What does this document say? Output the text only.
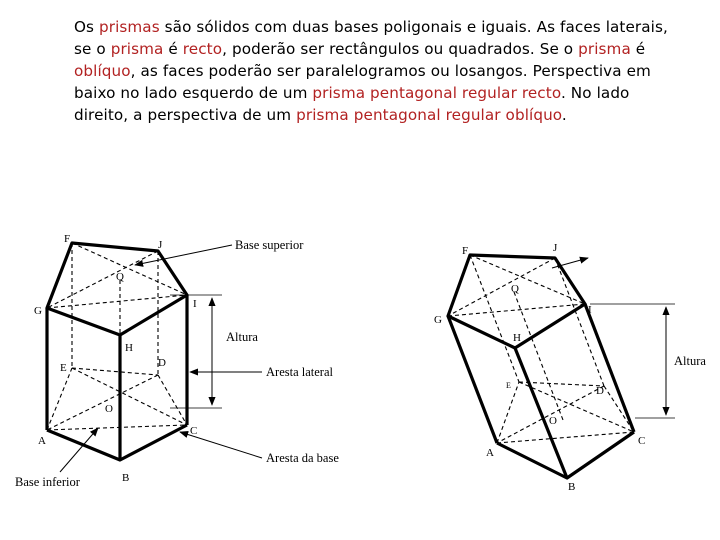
Os prismas são sólidos com duas bases poligonais e iguais. As faces laterais, se o prisma é recto, poderão ser rectângulos ou quadrados. Se o prisma é oblíquo, as faces poderão ser paralelogramos ou losangos. Perspectiva em baixo no lado esquerdo de um prisma pentagonal regular recto. No lado direito, a perspectiva de um prisma pentagonal regular oblíquo.
F	J
Q
G
I
H
E	D
O
A
C
B
Base superior
Altura
Aresta lateral
Aresta da base
Base inferior
F	J
Q
G
I
H
E	D
O
A
C
B
Altura
